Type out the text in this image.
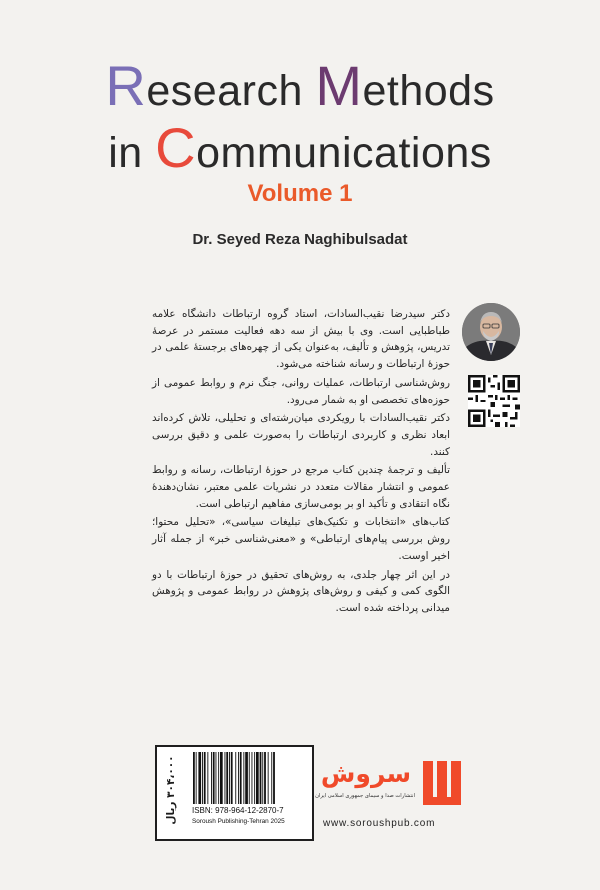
Research Methods
in Communications
Volume 1
Dr. Seyed Reza Naghibulsadat

دکتر سیدرضا نقیب‌السادات، استاد گروه ارتباطات دانشگاه علامه طباطبایی است. وی با بیش از سه دهه فعالیت مستمر در عرصهٔ تدریس، پژوهش و تألیف، به‌عنوان یکی از چهره‌های برجستهٔ علمی در حوزهٔ ارتباطات و رسانه شناخته می‌شود.

روش‌شناسی ارتباطات، عملیات روانی، جنگ نرم و روابط عمومی از حوزه‌های تخصصی او به شمار می‌رود.

دکتر نقیب‌السادات با رویکردی میان‌رشته‌ای و تحلیلی، تلاش کرده‌اند ابعاد نظری و کاربردی ارتباطات را به‌صورت علمی و دقیق بررسی کنند.

تألیف و ترجمهٔ چندین کتاب مرجع در حوزهٔ ارتباطات، رسانه و روابط عمومی و انتشار مقالات متعدد در نشریات علمی معتبر، نشان‌دهندهٔ نگاه انتقادی و تأکید او بر بومی‌سازی مفاهیم ارتباطی است.

کتاب‌های «انتخابات و تکنیک‌های تبلیغات سیاسی»، «تحلیل محتوا؛ روش بررسی پیام‌های ارتباطی» و «معنی‌شناسی خبر» از جمله آثار اخیر اوست.

در این اثر چهار جلدی، به روش‌های تحقیق در حوزهٔ ارتباطات با دو الگوی کمی و کیفی و روش‌های پژوهش در روابط عمومی و پژوهش میدانی پرداخته شده است.

۳۰۴،۰۰۰ ریال
ISBN: 978-964-12-2870-7
Soroush Publishing-Tehran 2025
سروش
انتشارات صدا و سیمای جمهوری اسلامی ایران
www.soroushpub.com
